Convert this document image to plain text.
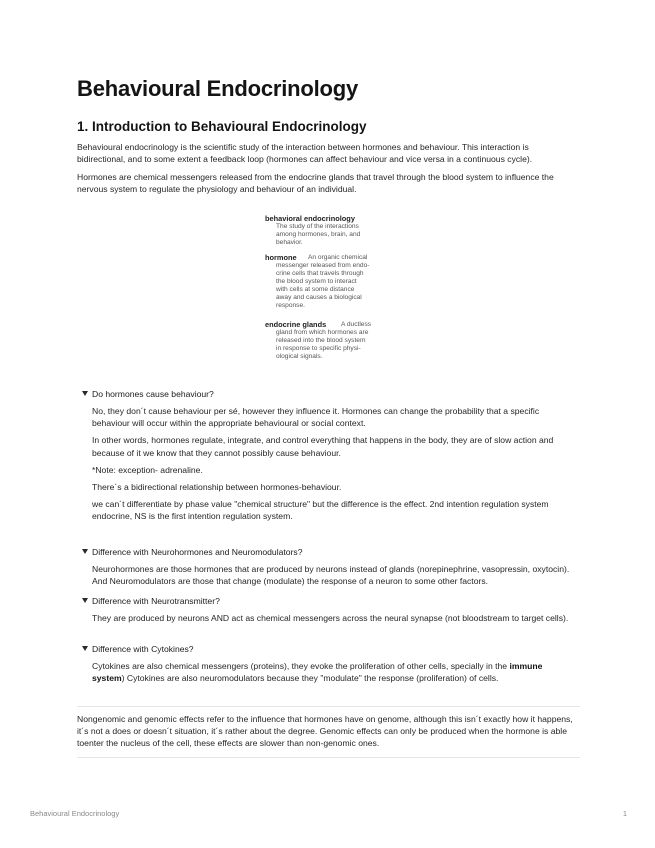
Behavioural Endocrinology
1. Introduction to Behavioural Endocrinology

Behavioural endocrinology is the scientific study of the interaction between hormones and behaviour. This interaction is bidirectional, and to some extent a feedback loop (hormones can affect behaviour and vice versa in a continuous cycle).

Hormones are chemical messengers released from the endocrine glands that travel through the blood system to influence the nervous system to regulate the physiology and behaviour of an individual.

behavioral endocrinology
The study of the interactions
among hormones, brain, and
behavior.
hormone An organic chemical
messenger released from endo-
crine cells that travels through
the blood system to interact
with cells at some distance
away and causes a biological
response.
endocrine glands A ductless
gland from which hormones are
released into the blood system
in response to specific physi-
ological signals.
Do hormones cause behaviour?

No, they don´t cause behaviour per sé, however they influence it. Hormones can change the probability that a specific behaviour will occur within the appropriate behavioural or social context.

In other words, hormones regulate, integrate, and control everything that happens in the body, they are of slow action and because of it we know that they cannot possibly cause behaviour.

*Note: exception- adrenaline.

There´s a bidirectional relationship between hormones-behaviour.

we can´t differentiate by phase value "chemical structure" but the difference is the effect. 2nd intention regulation system endocrine, NS is the first intention regulation system.

Difference with Neurohormones and Neuromodulators?

Neurohormones are those hormones that are produced by neurons instead of glands (norepinephrine, vasopressin, oxytocin). And Neuromodulators are those that change (modulate) the response of a neuron to some other factors.

Difference with Neurotransmitter?

They are produced by neurons AND act as chemical messengers across the neural synapse (not bloodstream to target cells).

Difference with Cytokines?

Cytokines are also chemical messengers (proteins), they evoke the proliferation of other cells, specially in the immune system) Cytokines are also neuromodulators because they "modulate" the response (proliferation) of cells.

Nongenomic and genomic effects refer to the influence that hormones have on genome, although this isn´t exactly how it happens, it´s not a does or doesn´t situation, it´s rather about the degree. Genomic effects can only be produced when the hormone is able toenter the nucleus of the cell, these effects are slower than non-genomic ones.

Behavioural Endocrinology	1
